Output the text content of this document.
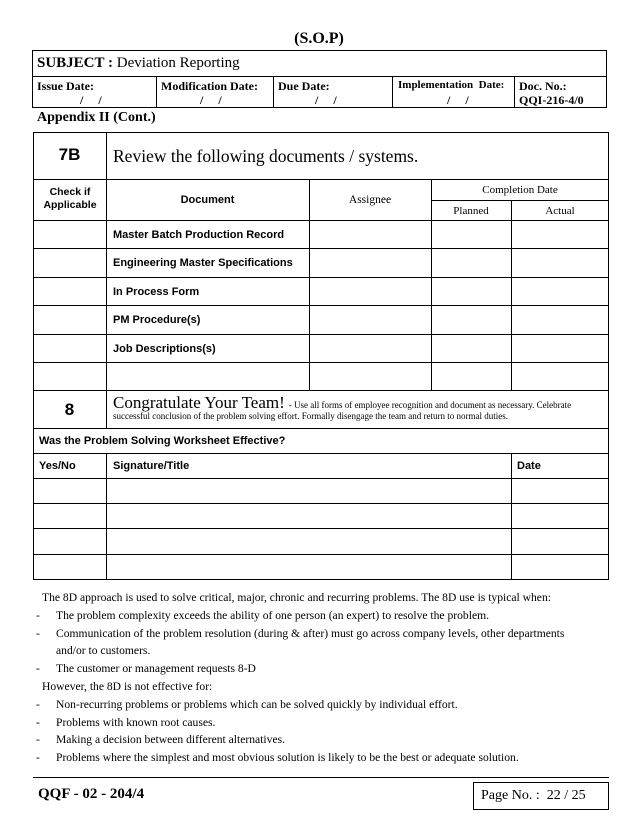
(S.O.P)
SUBJECT : Deviation Reporting
Issue Date:
/     /
Modification Date:
/     /
Due Date:
/     /
Implementation  Date:
/     /
Doc. No.:
QQI-216-4/0
Appendix II (Cont.)
7B	Review the following documents / systems.
Check if Applicable	Document	Assignee
Completion Date
Planned	Actual
Master Batch Production Record
Engineering Master Specifications
In Process Form
PM Procedure(s)
Job Descriptions(s)
8	Congratulate Your Team! - Use all forms of employee recognition and document as necessary. Celebrate
successful conclusion of the problem solving effort. Formally disengage the team and return to normal duties.
Was the Problem Solving Worksheet Effective?
Yes/No	Signature/Title	Date
The 8D approach is used to solve critical, major, chronic and recurring problems. The 8D use is typical when:
- The problem complexity exceeds the ability of one person (an expert) to resolve the problem.
- Communication of the problem resolution (during & after) must go across company levels, other departments
and/or to customers.
- The customer or management requests 8-D
However, the 8D is not effective for:
- Non-recurring problems or problems which can be solved quickly by individual effort.
- Problems with known root causes.
- Making a decision between different alternatives.
- Problems where the simplest and most obvious solution is likely to be the best or adequate solution.
QQF - 02 - 204/4	Page No. :  22 / 25
